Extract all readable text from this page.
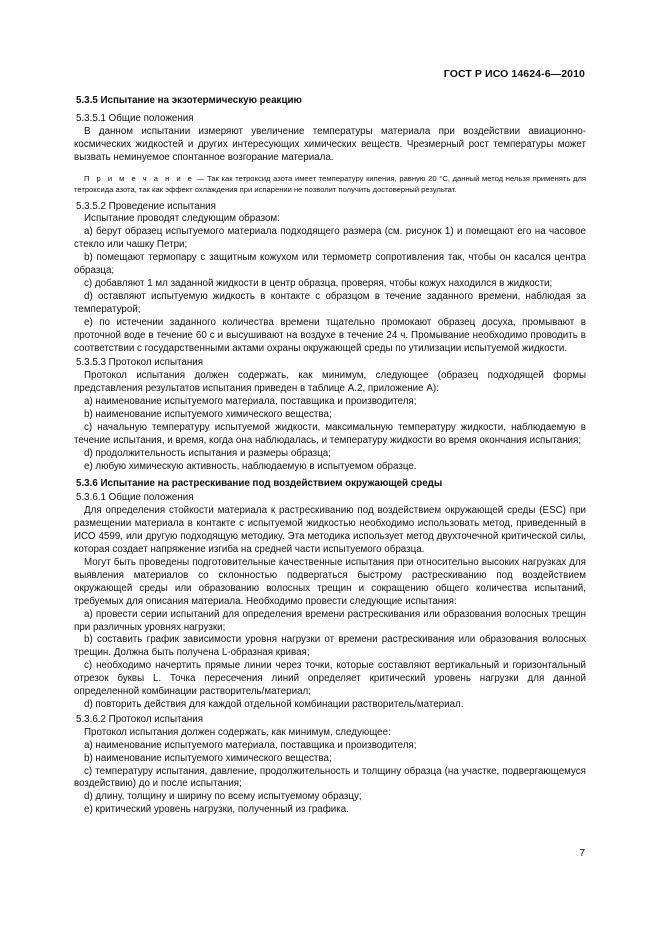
ГОСТ Р ИСО 14624-6—2010

5.3.5 Испытание на экзотермическую реакцию

5.3.5.1 Общие положения

В данном испытании измеряют увеличение температуры материала при воздействии авиационно-космических жидкостей и других интересующих химических веществ. Чрезмерный рост температуры может вызвать неминуемое спонтанное возгорание материала.

П р и м е ч а н и е — Так как тетроксид азота имеет температуру кипения, равную 20 °С, данный метод нельзя применять для тетроксида азота, так как эффект охлаждения при испарении не позволит получить достоверный результат.

5.3.5.2 Проведение испытания

Испытание проводят следующим образом:

а) берут образец испытуемого материала подходящего размера (см. рисунок 1) и помещают его на часовое стекло или чашку Петри;

b) помещают термопару с защитным кожухом или термометр сопротивления так, чтобы он касался центра образца;

c) добавляют 1 мл заданной жидкости в центр образца, проверяя, чтобы кожух находился в жидкости;

d) оставляют испытуемую жидкость в контакте с образцом в течение заданного времени, наблюдая за температурой;

e) по истечении заданного количества времени тщательно промокают образец досуха, промывают в проточной воде в течение 60 с и высушивают на воздухе в течение 24 ч. Промывание необходимо проводить в соответствии с государственными актами охраны окружающей среды по утилизации испытуемой жидкости.

5.3.5.3 Протокол испытания

Протокол испытания должен содержать, как минимум, следующее (образец подходящей формы представления результатов испытания приведен в таблице А.2, приложение А):

а) наименование испытуемого материала, поставщика и производителя;

b) наименование испытуемого химического вещества;

c) начальную температуру испытуемой жидкости, максимальную температуру жидкости, наблюдаемую в течение испытания, и время, когда она наблюдалась, и температуру жидкости во время окончания испытания;

d) продолжительность испытания и размеры образца;

e) любую химическую активность, наблюдаемую в испытуемом образце.

5.3.6 Испытание на растрескивание под воздействием окружающей среды

5.3.6.1 Общие положения

Для определения стойкости материала к растрескиванию под воздействием окружающей среды (ESC) при размещении материала в контакте с испытуемой жидкостью необходимо использовать метод, приведенный в ИСО 4599, или другую подходящую методику. Эта методика использует метод двухточечной критической силы, которая создает напряжение изгиба на средней части испытуемого образца.

Могут быть проведены подготовительные качественные испытания при относительно высоких нагрузках для выявления материалов со склонностью подвергаться быстрому растрескиванию под воздействием окружающей среды или образованию волосных трещин и сокращению общего количества испытаний, требуемых для описания материала. Необходимо провести следующие испытания:

а) провести серии испытаний для определения времени растрескивания или образования волосных трещин при различных уровнях нагрузки;

b) составить график зависимости уровня нагрузки от времени растрескивания или образования волосных трещин. Должна быть получена L-образная кривая;

c) необходимо начертить прямые линии через точки, которые составляют вертикальный и горизонтальный отрезок буквы L. Точка пересечения линий определяет критический уровень нагрузки для данной определенной комбинации растворитель/материал;

d) повторить действия для каждой отдельной комбинации растворитель/материал.

5.3.6.2 Протокол испытания

Протокол испытания должен содержать, как минимум, следующее:

а) наименование испытуемого материала, поставщика и производителя;

b) наименование испытуемого химического вещества;

c) температуру испытания, давление, продолжительность и толщину образца (на участке, подвергающемуся воздействию) до и после испытания;

d) длину, толщину и ширину по всему испытуемому образцу;

e) критический уровень нагрузки, полученный из графика.

7
